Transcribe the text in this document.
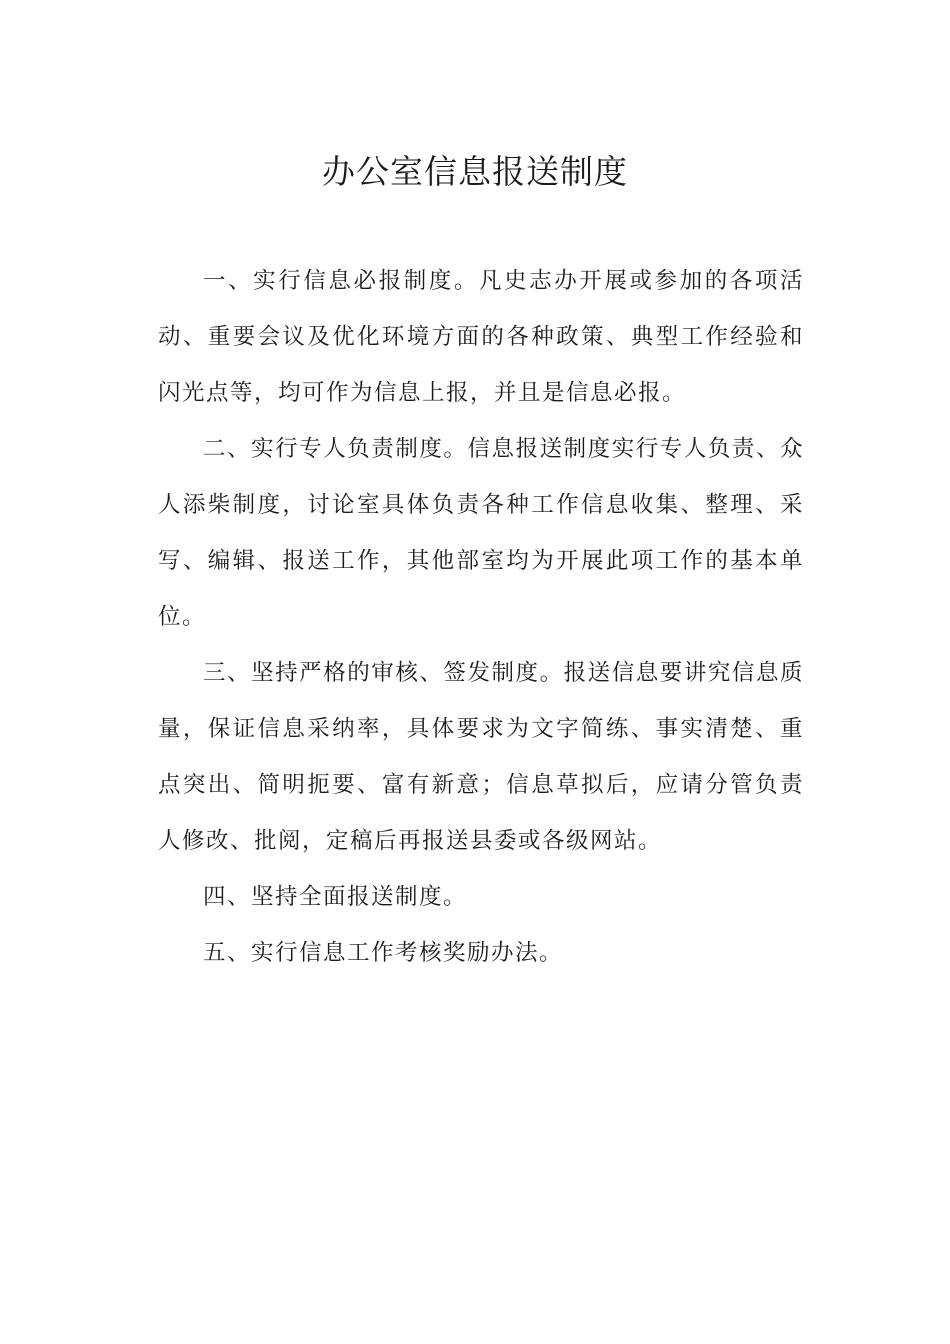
办公室信息报送制度

一、实行信息必报制度。凡史志办开展或参加的各项活动、重要会议及优化环境方面的各种政策、典型工作经验和闪光点等，均可作为信息上报，并且是信息必报。

二、实行专人负责制度。信息报送制度实行专人负责、众人添柴制度，讨论室具体负责各种工作信息收集、整理、采写、编辑、报送工作，其他部室均为开展此项工作的基本单位。

三、坚持严格的审核、签发制度。报送信息要讲究信息质量，保证信息采纳率，具体要求为文字简练、事实清楚、重点突出、简明扼要、富有新意；信息草拟后，应请分管负责人修改、批阅，定稿后再报送县委或各级网站。

四、坚持全面报送制度。

五、实行信息工作考核奖励办法。
